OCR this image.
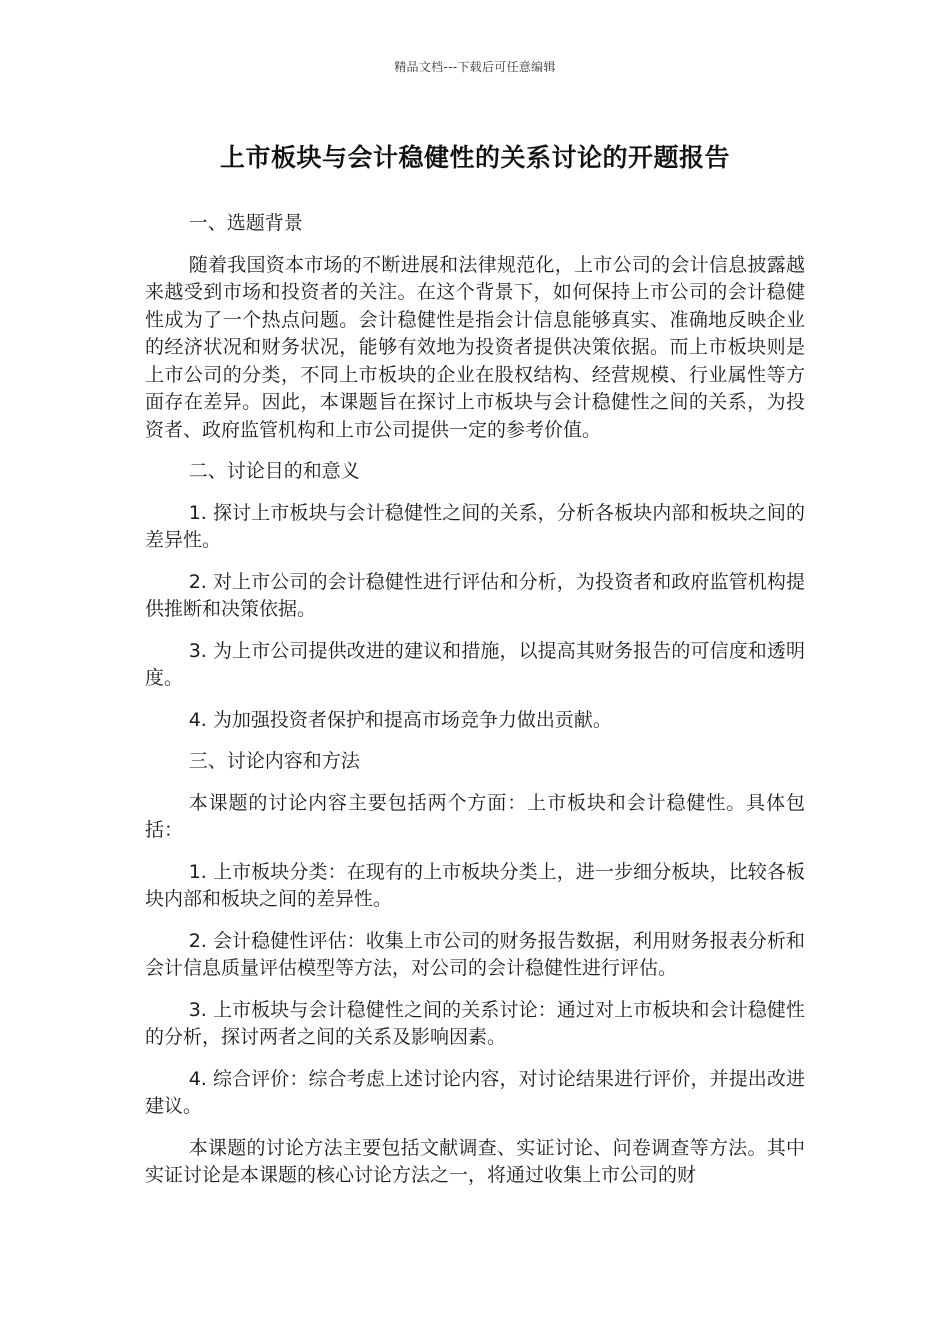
精品文档---下载后可任意编辑
上市板块与会计稳健性的关系讨论的开题报告

一、选题背景

随着我国资本市场的不断进展和法律规范化，上市公司的会计信息披露越来越受到市场和投资者的关注。在这个背景下，如何保持上市公司的会计稳健性成为了一个热点问题。会计稳健性是指会计信息能够真实、准确地反映企业的经济状况和财务状况，能够有效地为投资者提供决策依据。而上市板块则是上市公司的分类，不同上市板块的企业在股权结构、经营规模、行业属性等方面存在差异。因此，本课题旨在探讨上市板块与会计稳健性之间的关系，为投资者、政府监管机构和上市公司提供一定的参考价值。

二、讨论目的和意义

1. 探讨上市板块与会计稳健性之间的关系，分析各板块内部和板块之间的差异性。

2. 对上市公司的会计稳健性进行评估和分析，为投资者和政府监管机构提供推断和决策依据。

3. 为上市公司提供改进的建议和措施，以提高其财务报告的可信度和透明度。

4. 为加强投资者保护和提高市场竞争力做出贡献。

三、讨论内容和方法

本课题的讨论内容主要包括两个方面：上市板块和会计稳健性。具体包括：

1. 上市板块分类：在现有的上市板块分类上，进一步细分板块，比较各板块内部和板块之间的差异性。

2. 会计稳健性评估：收集上市公司的财务报告数据，利用财务报表分析和会计信息质量评估模型等方法，对公司的会计稳健性进行评估。

3. 上市板块与会计稳健性之间的关系讨论：通过对上市板块和会计稳健性的分析，探讨两者之间的关系及影响因素。

4. 综合评价：综合考虑上述讨论内容，对讨论结果进行评价，并提出改进建议。

本课题的讨论方法主要包括文献调查、实证讨论、问卷调查等方法。其中实证讨论是本课题的核心讨论方法之一，将通过收集上市公司的财
